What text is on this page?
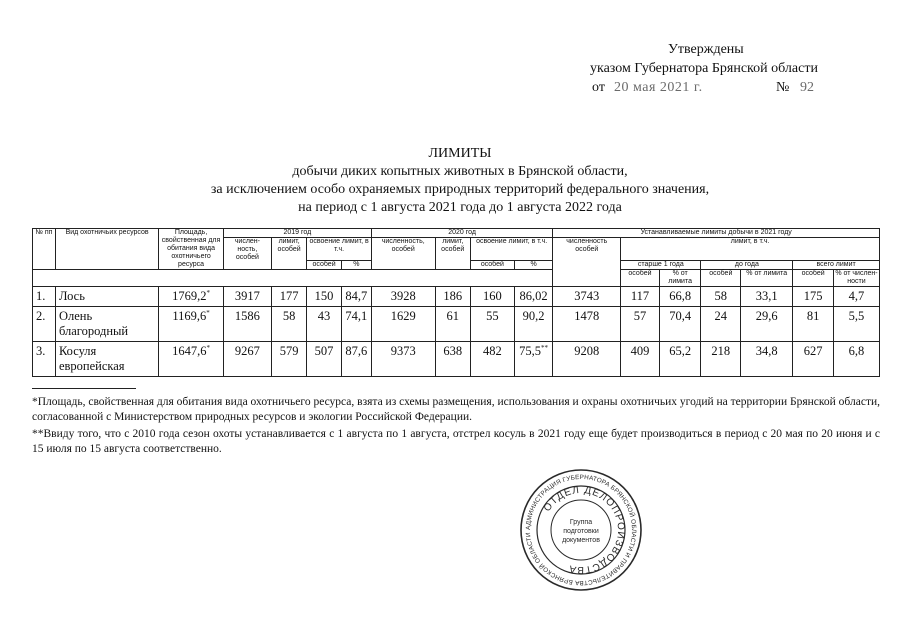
Утверждены
указом Губернатора Брянской области
от 20 мая 2021 г.	№ 92
ЛИМИТЫ
добычи диких копытных животных в Брянской области,
за исключением особо охраняемых природных территорий федерального значения,
на период с 1 августа 2021 года до 1 августа 2022 года
№ пп	Вид охотничьих ресурсов	Площадь, свойственная для обитания вида охотничьего ресурса	2019 год				2020 год				Устанавливаемые лимиты добычи в 2021 году						
			числен-ность, особей	лимит, особей	освоение лимит, в т.ч.		численность, особей	лимит, особей	освоение лимит, в т.ч.		численность особей	лимит, в т.ч.					
					особей	%			особей	%		старше 1 года		до года		всего лимит	
												особей	% от лимита	особей	% от лимита	особей	% от числен-ности
1.	Лось	1769,2*	3917	177	150	84,7	3928	186	160	86,02	3743	117	66,8	58	33,1	175	4,7
2.	Олень благородный	1169,6*	1586	58	43	74,1	1629	61	55	90,2	1478	57	70,4	24	29,6	81	5,5
3.	Косуля европейская	1647,6*	9267	579	507	87,6	9373	638	482	75,5**	9208	409	65,2	218	34,8	627	6,8
*Площадь, свойственная для обитания вида охотничьего ресурса, взята из схемы размещения, использования и охраны охотничьих угодий на территории Брянской области, согласованной с Министерством природных ресурсов и экологии Российской Федерации.
**Ввиду того, что с 2010 года сезон охоты устанавливается с 1 августа по 1 августа, отстрел косуль в 2021 году еще будет производиться в период с 20 мая по 20 июня и с 15 июля по 15 августа соответственно.
АДМИНИСТРАЦИЯ ГУБЕРНАТОРА БРЯНСКОЙ ОБЛАСТИ И ПРАВИТЕЛЬСТВА БРЯНСКОЙ ОБЛАСТИ
ОТДЕЛ ДЕЛОПРОИЗВОДСТВА
Группа
подготовки
документов
